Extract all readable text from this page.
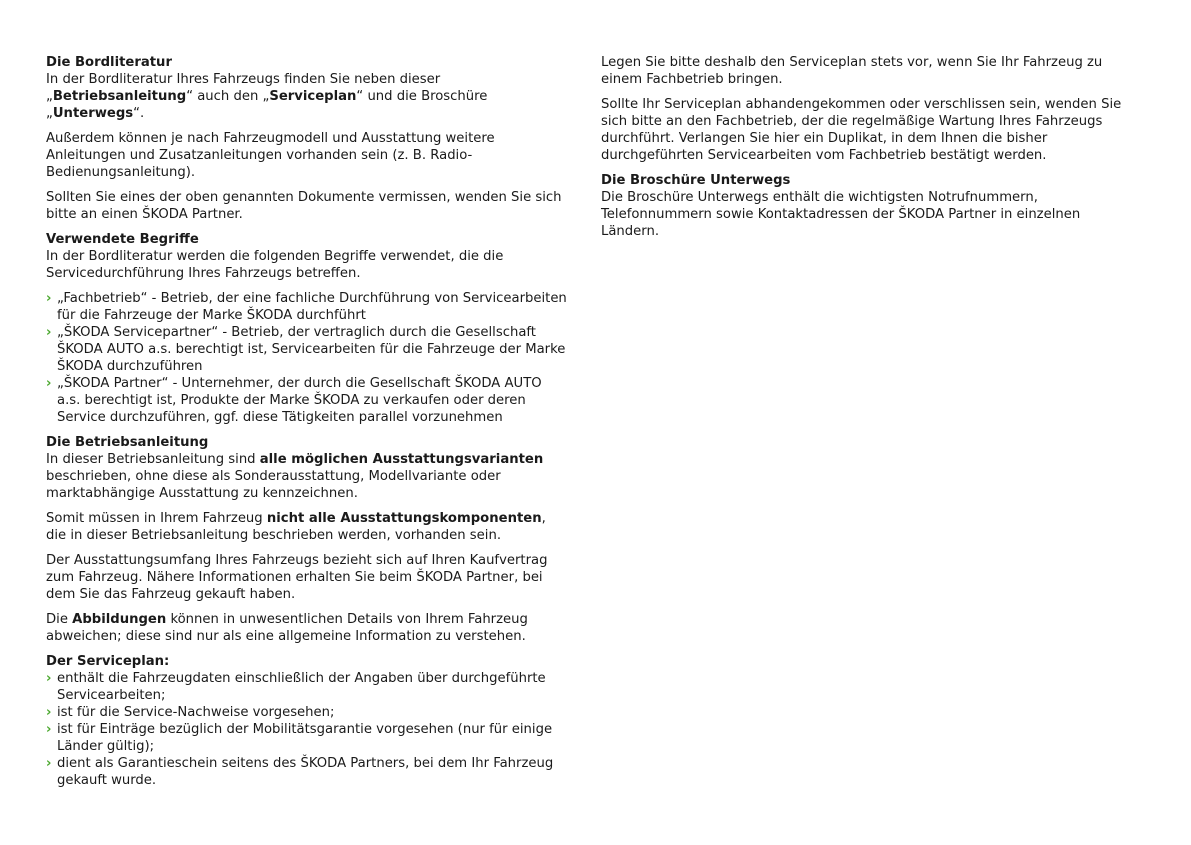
Die Bordliteratur

In der Bordliteratur Ihres Fahrzeugs finden Sie neben dieser „Betriebsanleitung“ auch den „Serviceplan“ und die Broschüre „Unterwegs“.

Außerdem können je nach Fahrzeugmodell und Ausstattung weitere Anleitungen und Zusatzanleitungen vorhanden sein (z. B. Radio-Bedienungsanleitung).

Sollten Sie eines der oben genannten Dokumente vermissen, wenden Sie sich bitte an einen ŠKODA Partner.

Verwendete Begriffe

In der Bordliteratur werden die folgenden Begriffe verwendet, die die Servicedurchführung Ihres Fahrzeugs betreffen.

› „Fachbetrieb“ - Betrieb, der eine fachliche Durchführung von Servicearbeiten für die Fahrzeuge der Marke ŠKODA durchführt
› „ŠKODA Servicepartner“ - Betrieb, der vertraglich durch die Gesellschaft ŠKODA AUTO a.s. berechtigt ist, Servicearbeiten für die Fahrzeuge der Marke ŠKODA durchzuführen
› „ŠKODA Partner“ - Unternehmer, der durch die Gesellschaft ŠKODA AUTO a.s. berechtigt ist, Produkte der Marke ŠKODA zu verkaufen oder deren Service durchzuführen, ggf. diese Tätigkeiten parallel vorzunehmen
Die Betriebsanleitung

In dieser Betriebsanleitung sind alle möglichen Ausstattungsvarianten beschrieben, ohne diese als Sonderausstattung, Modellvariante oder marktabhängige Ausstattung zu kennzeichnen.

Somit müssen in Ihrem Fahrzeug nicht alle Ausstattungskomponenten, die in dieser Betriebsanleitung beschrieben werden, vorhanden sein.

Der Ausstattungsumfang Ihres Fahrzeugs bezieht sich auf Ihren Kaufvertrag zum Fahrzeug. Nähere Informationen erhalten Sie beim ŠKODA Partner, bei dem Sie das Fahrzeug gekauft haben.

Die Abbildungen können in unwesentlichen Details von Ihrem Fahrzeug abweichen; diese sind nur als eine allgemeine Information zu verstehen.

Der Serviceplan:
› enthält die Fahrzeugdaten einschließlich der Angaben über durchgeführte Servicearbeiten;
› ist für die Service-Nachweise vorgesehen;
› ist für Einträge bezüglich der Mobilitätsgarantie vorgesehen (nur für einige Länder gültig);
› dient als Garantieschein seitens des ŠKODA Partners, bei dem Ihr Fahrzeug gekauft wurde.

Legen Sie bitte deshalb den Serviceplan stets vor, wenn Sie Ihr Fahrzeug zu einem Fachbetrieb bringen.

Sollte Ihr Serviceplan abhandengekommen oder verschlissen sein, wenden Sie sich bitte an den Fachbetrieb, der die regelmäßige Wartung Ihres Fahrzeugs durchführt. Verlangen Sie hier ein Duplikat, in dem Ihnen die bisher durchgeführten Servicearbeiten vom Fachbetrieb bestätigt werden.

Die Broschüre Unterwegs

Die Broschüre Unterwegs enthält die wichtigsten Notrufnummern, Telefonnummern sowie Kontaktadressen der ŠKODA Partner in einzelnen Ländern.
